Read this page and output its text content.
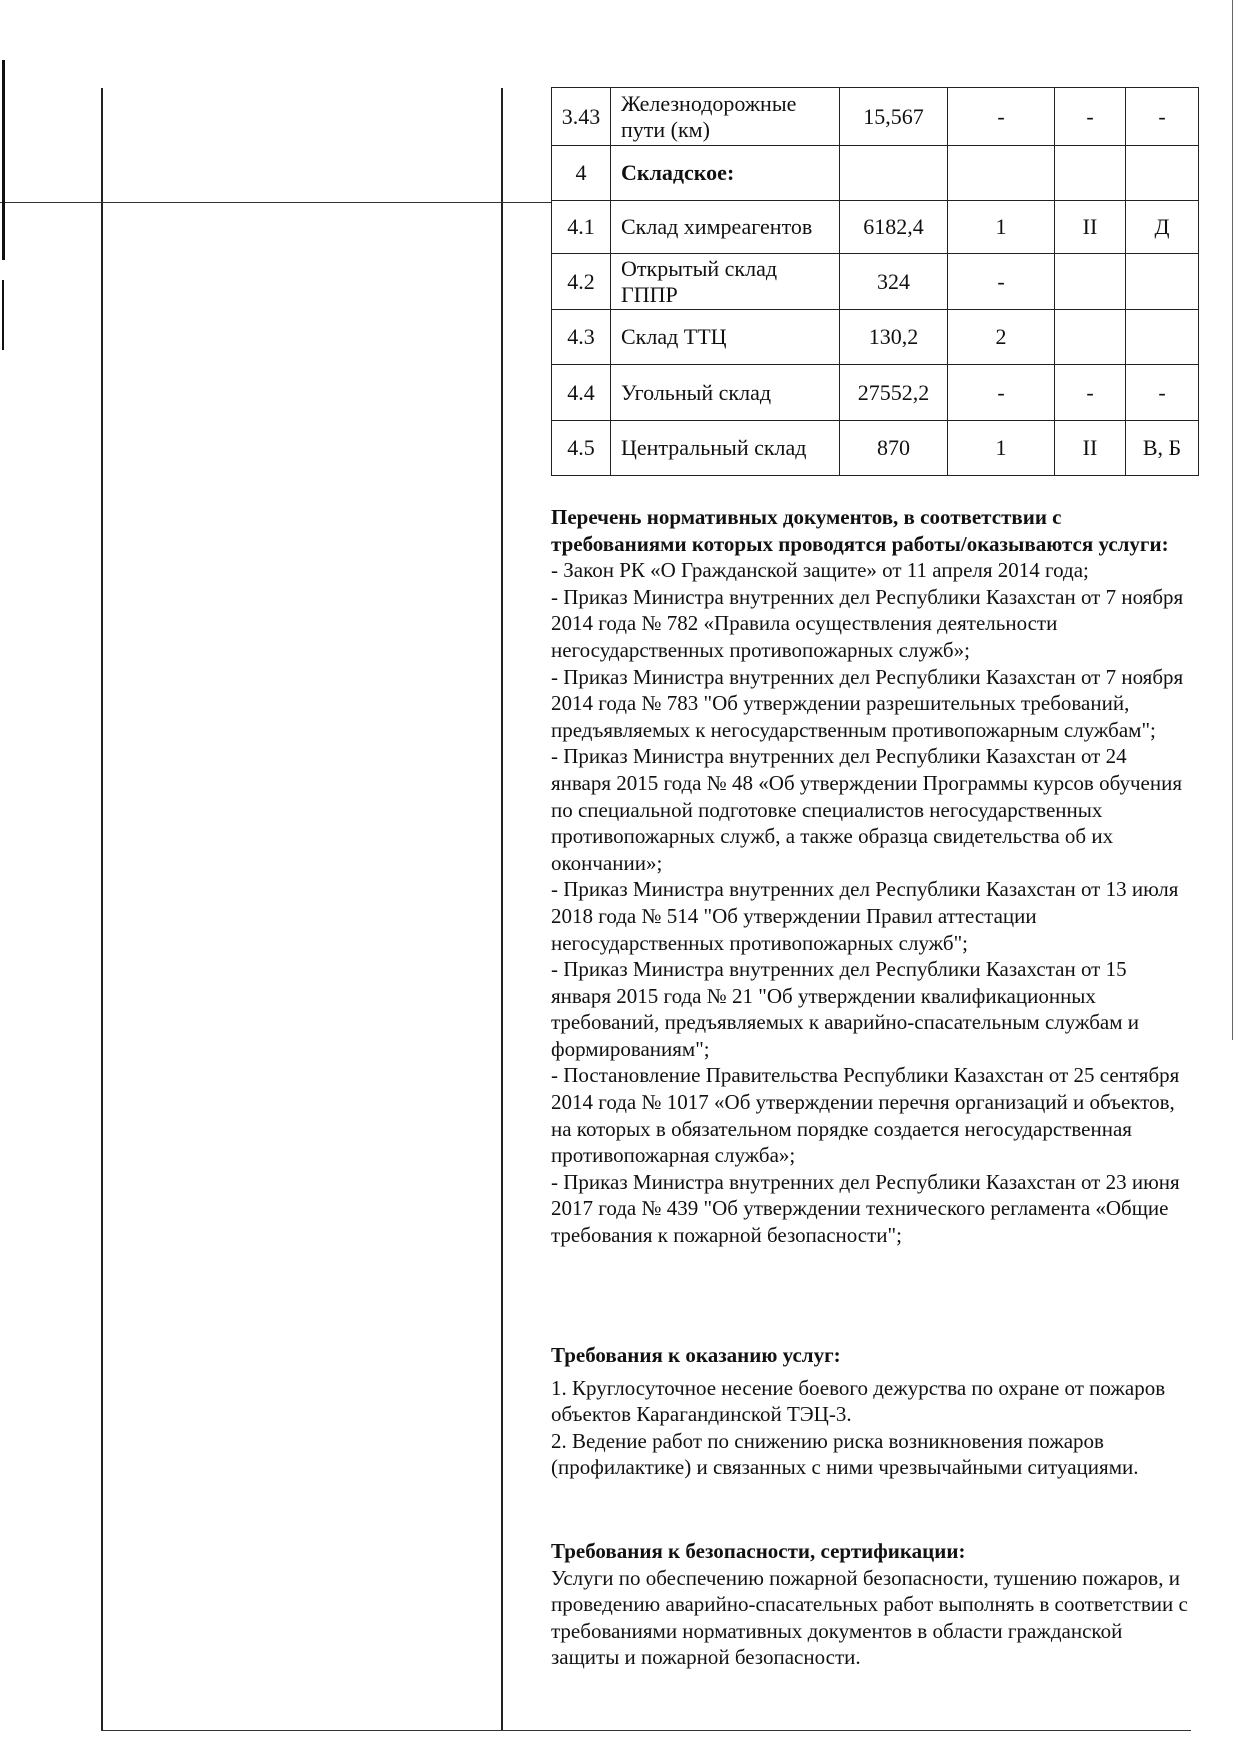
3.43	Железнодорожные пути (км)	15,567	-	-	-
4	Складское:				
4.1	Склад химреагентов	6182,4	1	II	Д
4.2	Открытый склад ГППР	324	-		
4.3	Склад ТТЦ	130,2	2		
4.4	Угольный склад	27552,2	-	-	-
4.5	Центральный склад	870	1	II	В, Б

Перечень нормативных документов, в соответствии с требованиями которых проводятся работы/оказываются услуги:

- Закон РК «О Гражданской защите» от 11 апреля 2014 года;

- Приказ Министра внутренних дел Республики Казахстан от 7 ноября 2014 года № 782 «Правила осуществления деятельности негосударственных противопожарных служб»;

- Приказ Министра внутренних дел Республики Казахстан от 7 ноября 2014 года № 783 "Об утверждении разрешительных требований, предъявляемых к негосударственным противопожарным службам";

- Приказ Министра внутренних дел Республики Казахстан от 24 января 2015 года № 48 «Об утверждении Программы курсов обучения по специальной подготовке специалистов негосударственных противопожарных служб, а также образца свидетельства об их окончании»;

- Приказ Министра внутренних дел Республики Казахстан от 13 июля 2018 года № 514 "Об утверждении Правил аттестации негосударственных противопожарных служб";

- Приказ Министра внутренних дел Республики Казахстан от 15 января 2015 года № 21 "Об утверждении квалификационных требований, предъявляемых к аварийно-спасательным службам и формированиям";

- Постановление Правительства Республики Казахстан от 25 сентября 2014 года № 1017 «Об утверждении перечня организаций и объектов, на которых в обязательном порядке создается негосударственная противопожарная служба»;

- Приказ Министра внутренних дел Республики Казахстан от 23 июня 2017 года № 439 "Об утверждении технического регламента «Общие требования к пожарной безопасности";

Требования к оказанию услуг:

1. Круглосуточное несение боевого дежурства по охране от пожаров объектов Карагандинской ТЭЦ-3.

2. Ведение работ по снижению риска возникновения пожаров (профилактике) и связанных с ними чрезвычайными ситуациями.

Требования к безопасности, сертификации:

Услуги по обеспечению пожарной безопасности, тушению пожаров, и проведению аварийно-спасательных работ выполнять в соответствии с требованиями нормативных документов в области гражданской защиты и пожарной безопасности.
